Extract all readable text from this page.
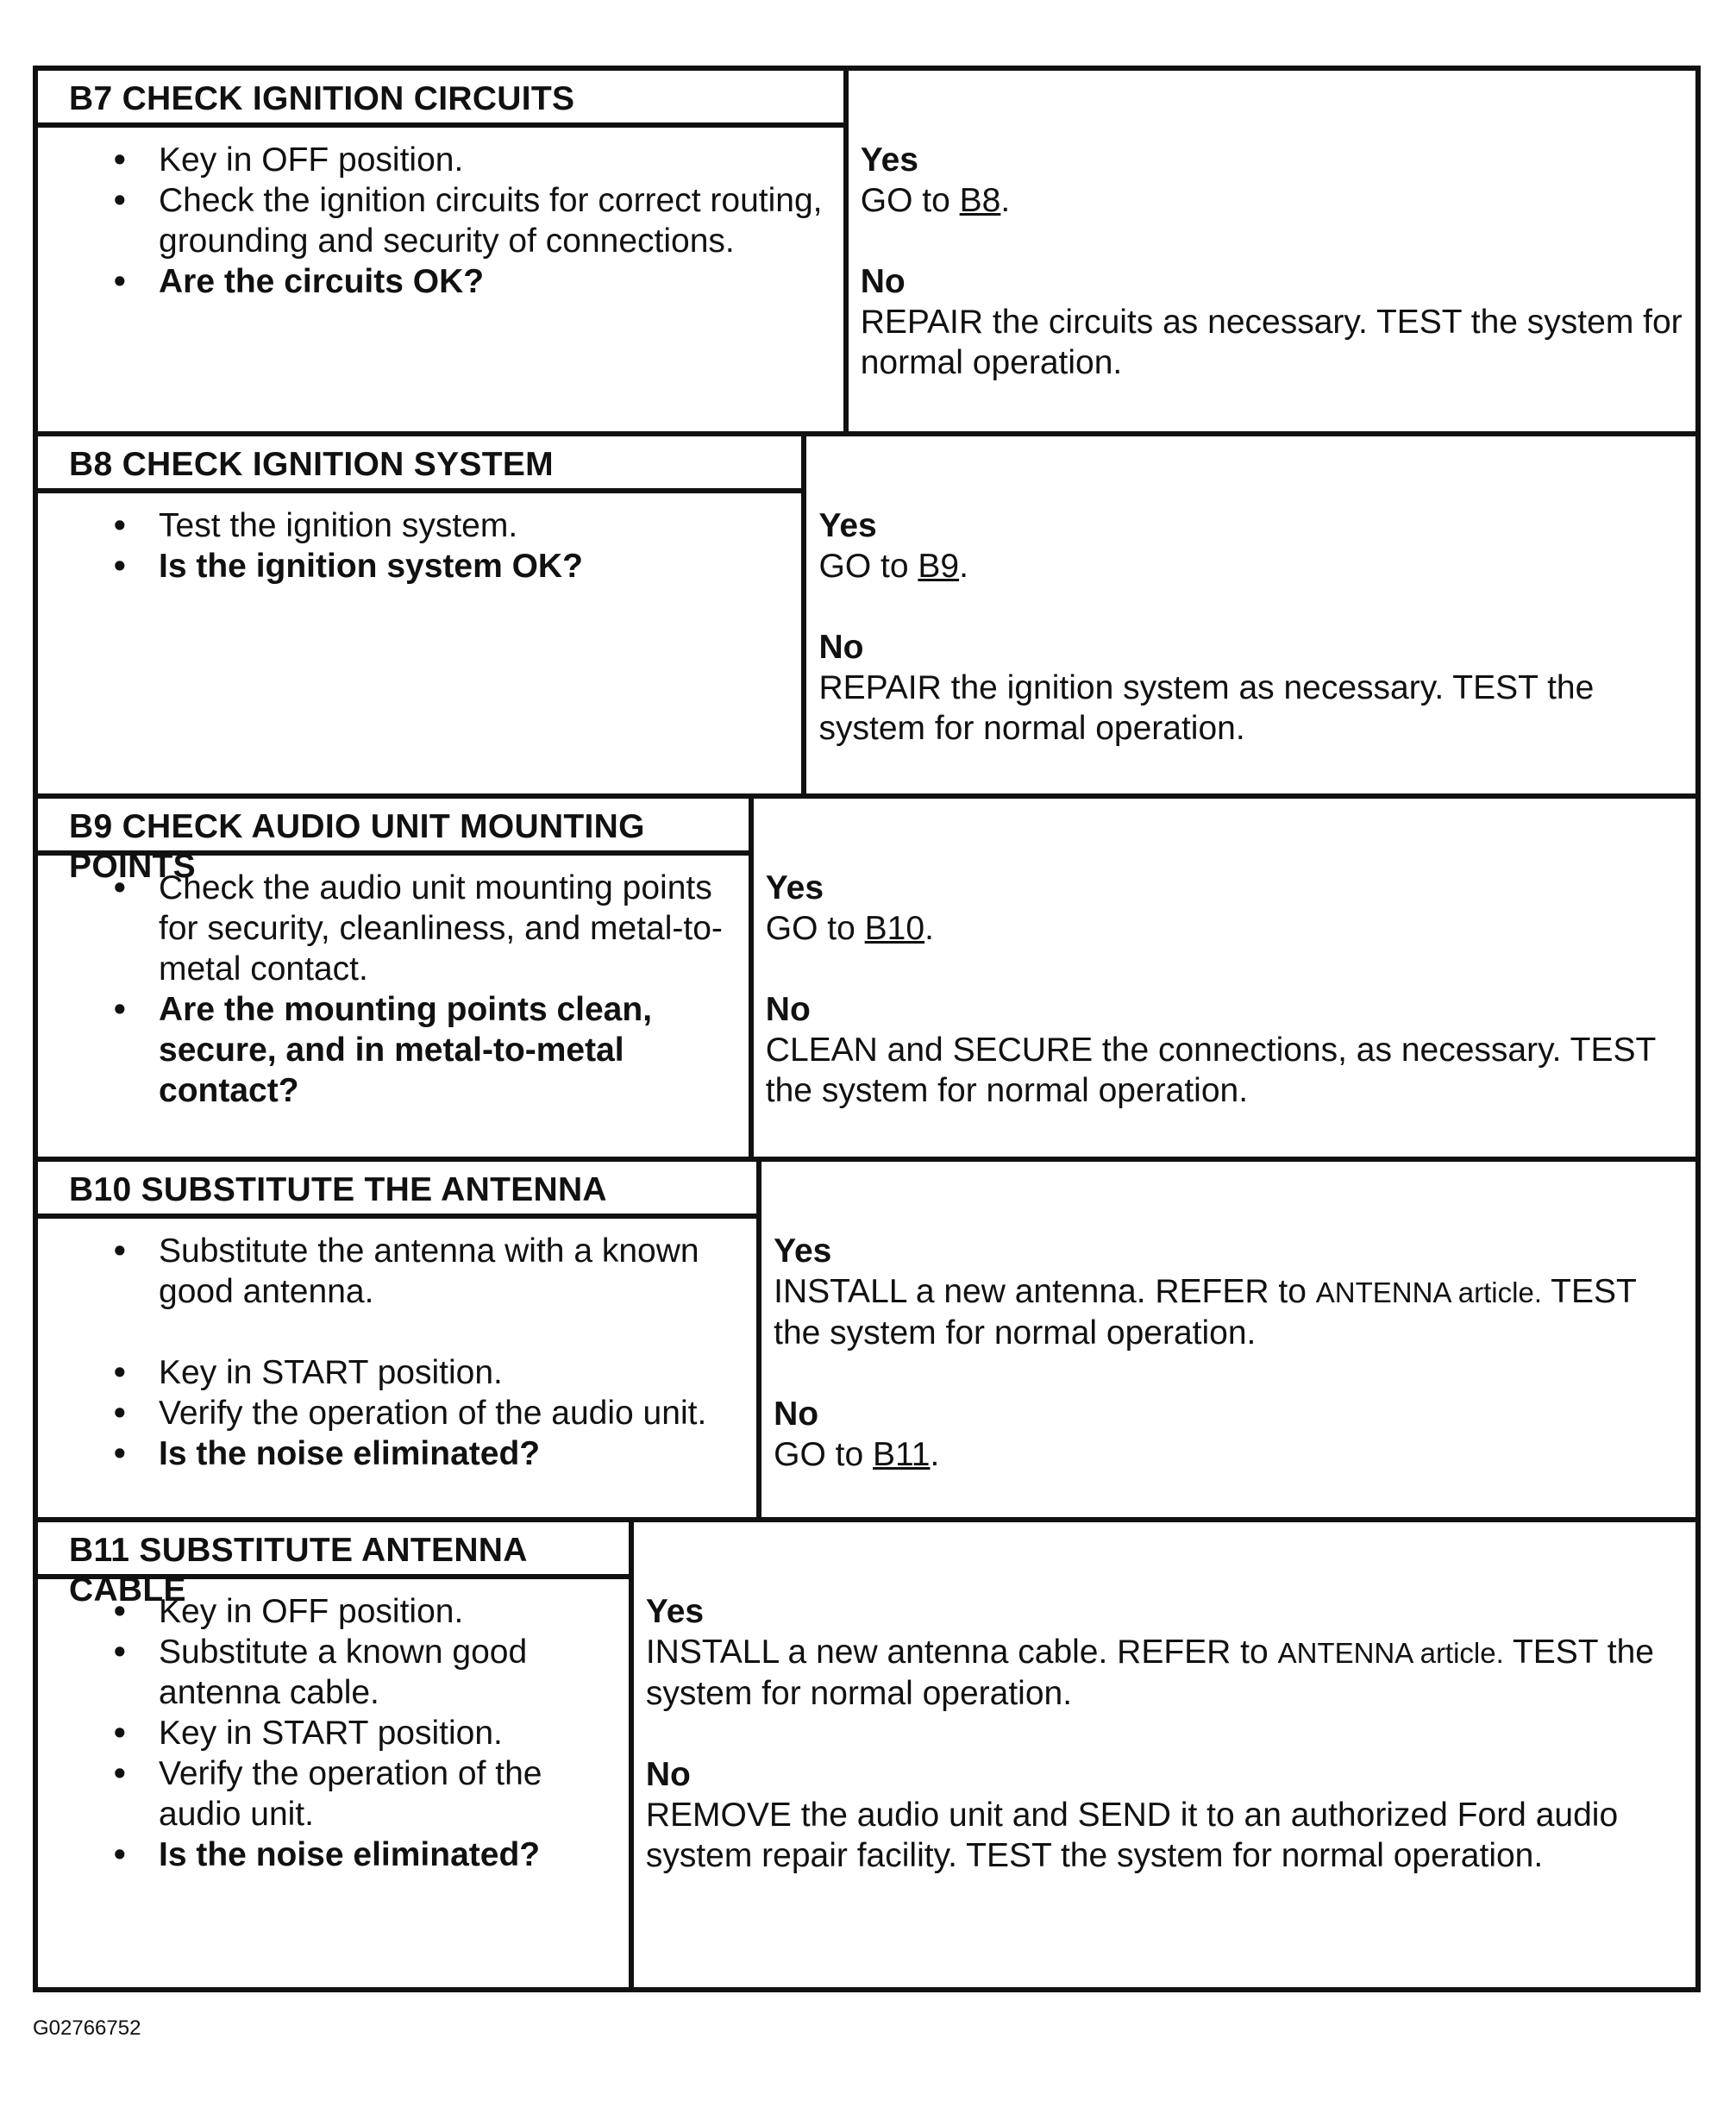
B7 CHECK IGNITION CIRCUITS
• Key in OFF position.
• Check the ignition circuits for correct routing, grounding and security of connections.
• Are the circuits OK?
Yes
GO to B8.
No
REPAIR the circuits as necessary. TEST the system for normal operation.
B8 CHECK IGNITION SYSTEM
• Test the ignition system.
• Is the ignition system OK?
Yes
GO to B9.
No
REPAIR the ignition system as necessary. TEST the system for normal operation.
B9 CHECK AUDIO UNIT MOUNTING POINTS
• Check the audio unit mounting points for security, cleanliness, and metal-to-metal contact.
• Are the mounting points clean, secure, and in metal-to-metal contact?
Yes
GO to B10.
No
CLEAN and SECURE the connections, as necessary. TEST the system for normal operation.
B10 SUBSTITUTE THE ANTENNA
• Substitute the antenna with a known good antenna.
• Key in START position.
• Verify the operation of the audio unit.
• Is the noise eliminated?
Yes
INSTALL a new antenna. REFER to ANTENNA article. TEST the system for normal operation.
No
GO to B11.
B11 SUBSTITUTE ANTENNA CABLE
• Key in OFF position.
• Substitute a known good antenna cable.
• Key in START position.
• Verify the operation of the audio unit.
• Is the noise eliminated?
Yes
INSTALL a new antenna cable. REFER to ANTENNA article. TEST the system for normal operation.
No
REMOVE the audio unit and SEND it to an authorized Ford audio system repair facility. TEST the system for normal operation.
G02766752
